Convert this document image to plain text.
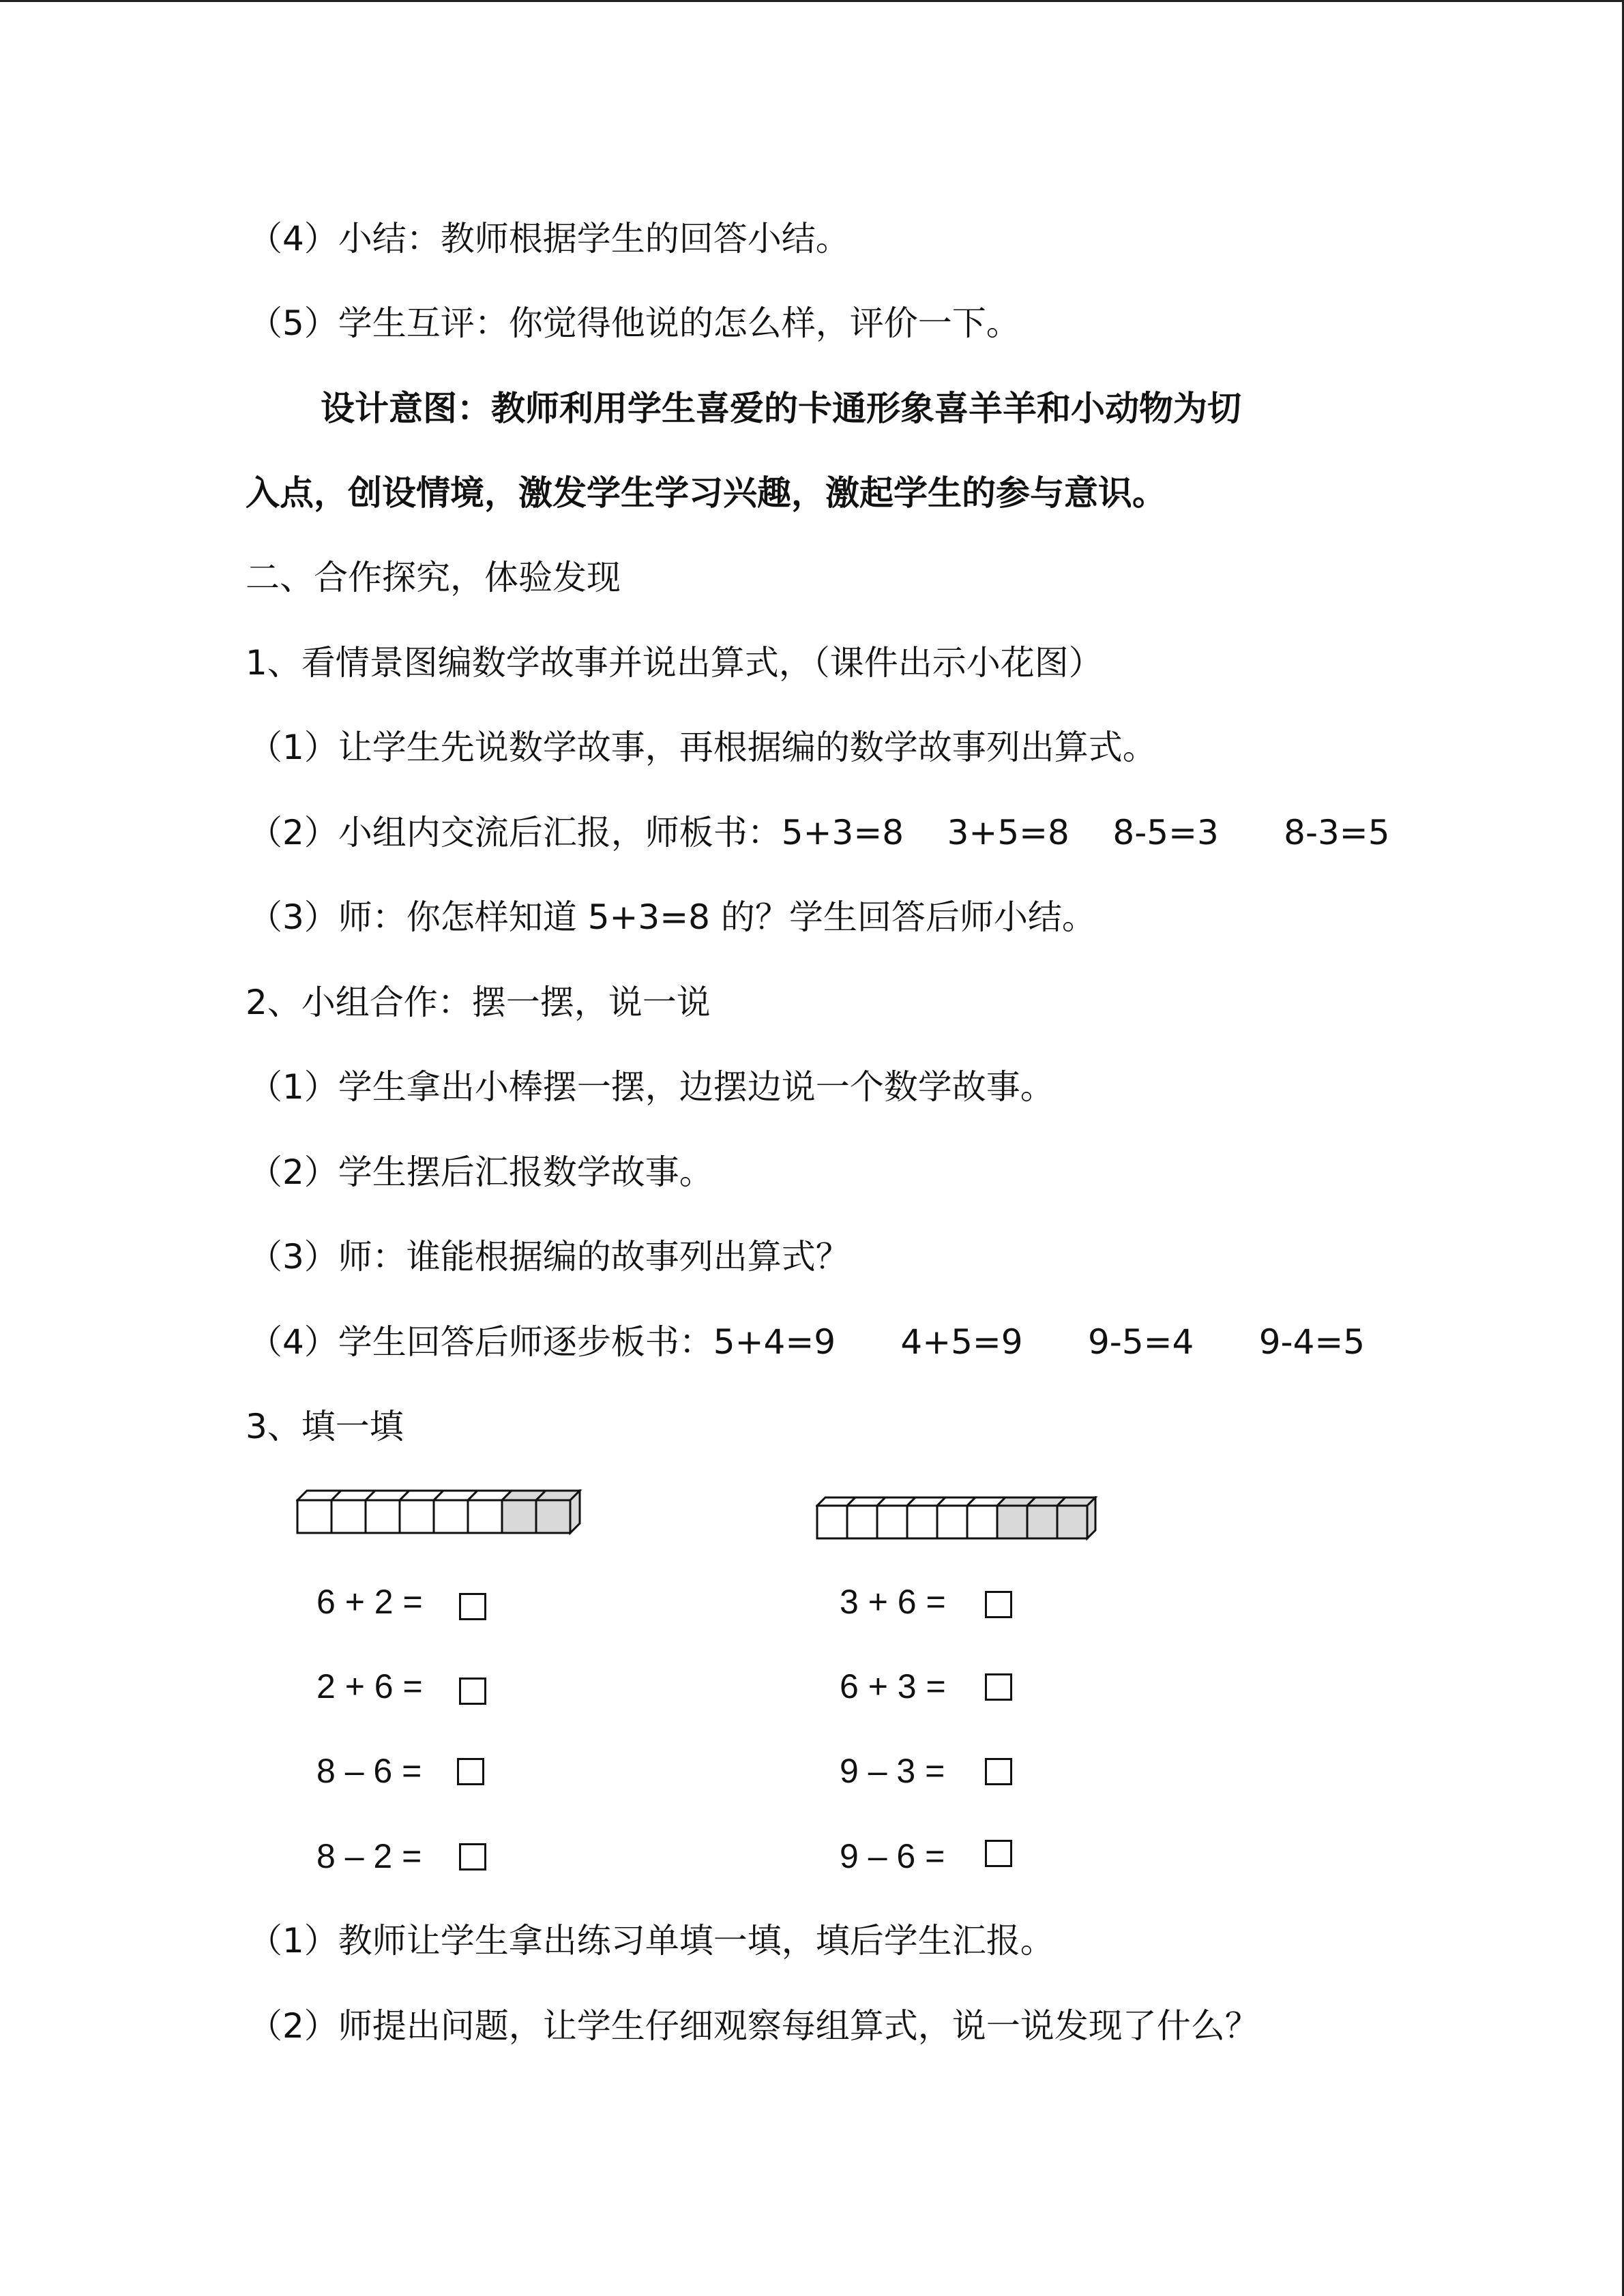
（4）小结：教师根据学生的回答小结。
（5）学生互评：你觉得他说的怎么样，评价一下。
设计意图：教师利用学生喜爱的卡通形象喜羊羊和小动物为切
入点，创设情境，激发学生学习兴趣，激起学生的参与意识。
二、合作探究，体验发现
1、看情景图编数学故事并说出算式，（课件出示小花图）
（1）让学生先说数学故事，再根据编的数学故事列出算式。
（2）小组内交流后汇报，师板书：5+3=8    3+5=8    8-5=3      8-3=5
（3）师：你怎样知道 5+3=8 的？学生回答后师小结。
2、小组合作：摆一摆，说一说
（1）学生拿出小棒摆一摆，边摆边说一个数学故事。
（2）学生摆后汇报数学故事。
（3）师：谁能根据编的故事列出算式？
（4）学生回答后师逐步板书：5+4=9      4+5=9      9-5=4      9-4=5
3、填一填
6 + 2 =
2 + 6 =
8 – 6 =
8 – 2 =
3 + 6 =
6 + 3 =
9 – 3 =
9 – 6 =
（1）教师让学生拿出练习单填一填，填后学生汇报。
（2）师提出问题，让学生仔细观察每组算式，说一说发现了什么？
